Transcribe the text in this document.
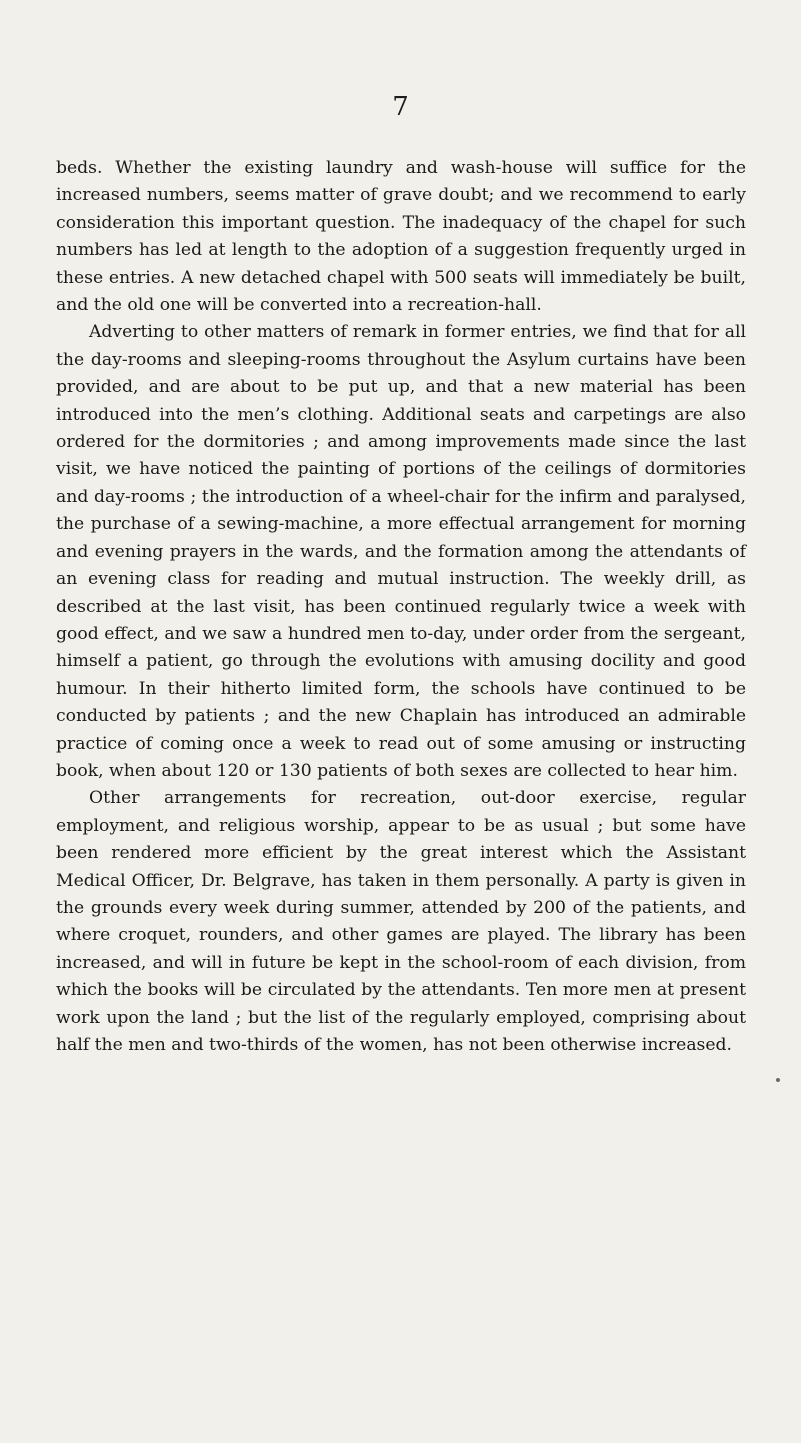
7

beds. Whether the existing laundry and wash-house will suffice for the increased numbers, seems matter of grave doubt; and we recommend to early consideration this important question. The inadequacy of the chapel for such numbers has led at length to the adoption of a suggestion frequently urged in these entries. A new detached chapel with 500 seats will immediately be built, and the old one will be converted into a recreation-hall.

Adverting to other matters of remark in former entries, we find that for all the day-rooms and sleeping-rooms throughout the Asylum curtains have been provided, and are about to be put up, and that a new material has been introduced into the men’s clothing. Additional seats and carpetings are also ordered for the dormitories ; and among improvements made since the last visit, we have noticed the painting of portions of the ceilings of dormitories and day-rooms ; the introduction of a wheel-chair for the infirm and paralysed, the purchase of a sewing-machine, a more effectual arrangement for morning and evening prayers in the wards, and the formation among the attendants of an evening class for reading and mutual instruction. The weekly drill, as described at the last visit, has been continued regularly twice a week with good effect, and we saw a hundred men to-day, under order from the sergeant, himself a patient, go through the evolutions with amusing docility and good humour. In their hitherto limited form, the schools have continued to be conducted by patients ; and the new Chaplain has introduced an admirable practice of coming once a week to read out of some amusing or instructing book, when about 120 or 130 patients of both sexes are collected to hear him.

Other arrangements for recreation, out-door exercise, regular employment, and religious worship, appear to be as usual ; but some have been rendered more efficient by the great interest which the Assistant Medical Officer, Dr. Belgrave, has taken in them personally. A party is given in the grounds every week during summer, attended by 200 of the patients, and where croquet, rounders, and other games are played. The library has been increased, and will in future be kept in the school-room of each division, from which the books will be circulated by the attendants. Ten more men at present work upon the land ; but the list of the regularly employed, comprising about half the men and two-thirds of the women, has not been otherwise increased.
